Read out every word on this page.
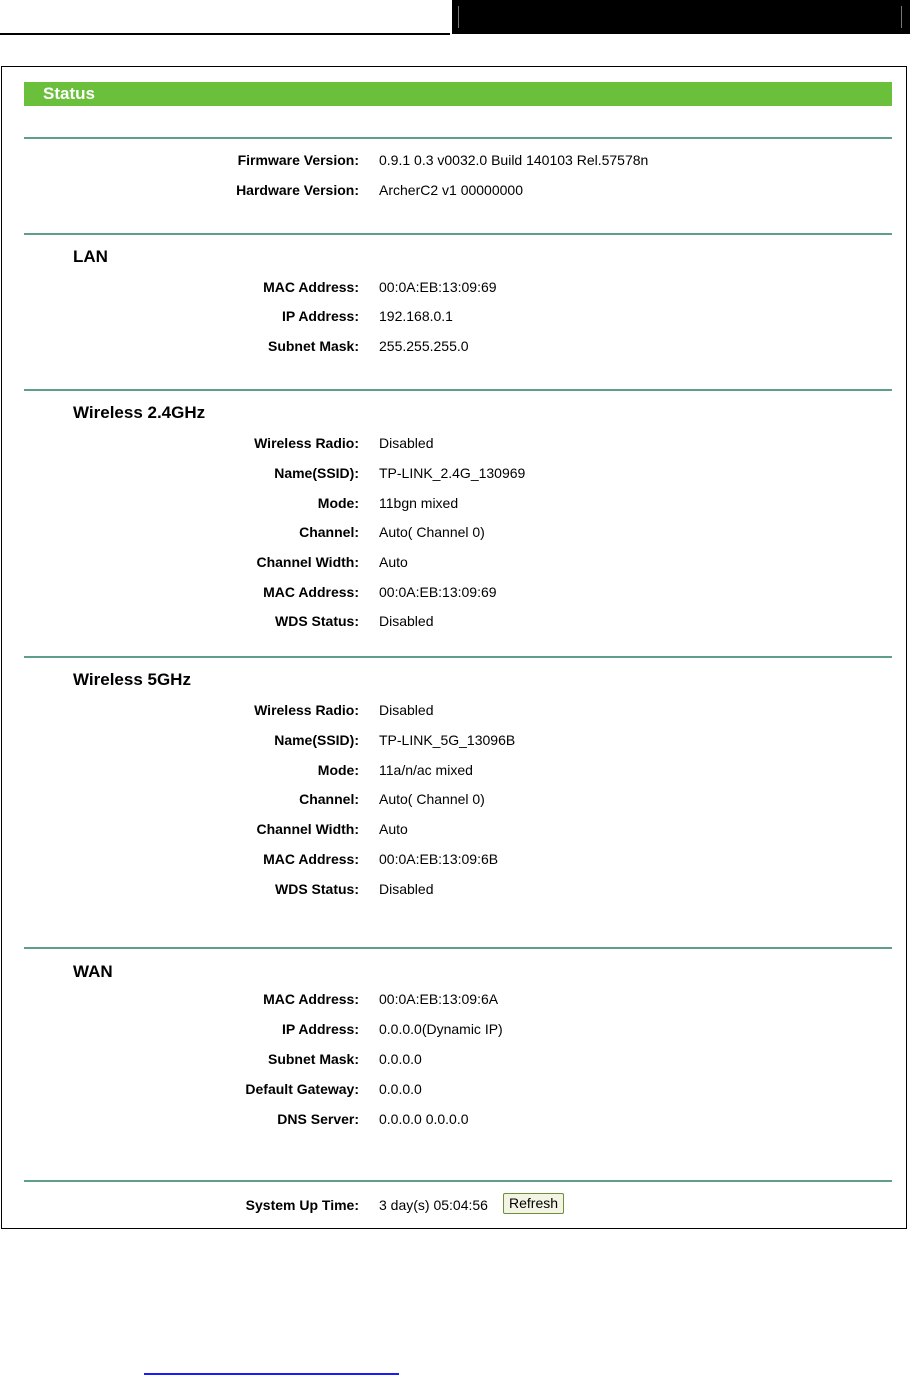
Status
Firmware Version: 0.9.1 0.3 v0032.0 Build 140103 Rel.57578n
Hardware Version: ArcherC2 v1 00000000
LAN
MAC Address: 00:0A:EB:13:09:69
IP Address: 192.168.0.1
Subnet Mask: 255.255.255.0
Wireless 2.4GHz
Wireless Radio: Disabled
Name(SSID): TP-LINK_2.4G_130969
Mode: 11bgn mixed
Channel: Auto( Channel 0)
Channel Width: Auto
MAC Address: 00:0A:EB:13:09:69
WDS Status: Disabled
Wireless 5GHz
Wireless Radio: Disabled
Name(SSID): TP-LINK_5G_13096B
Mode: 11a/n/ac mixed
Channel: Auto( Channel 0)
Channel Width: Auto
MAC Address: 00:0A:EB:13:09:6B
WDS Status: Disabled
WAN
MAC Address: 00:0A:EB:13:09:6A
IP Address: 0.0.0.0(Dynamic IP)
Subnet Mask: 0.0.0.0
Default Gateway: 0.0.0.0
DNS Server: 0.0.0.0 0.0.0.0
System Up Time: 3 day(s) 05:04:56	Refresh
